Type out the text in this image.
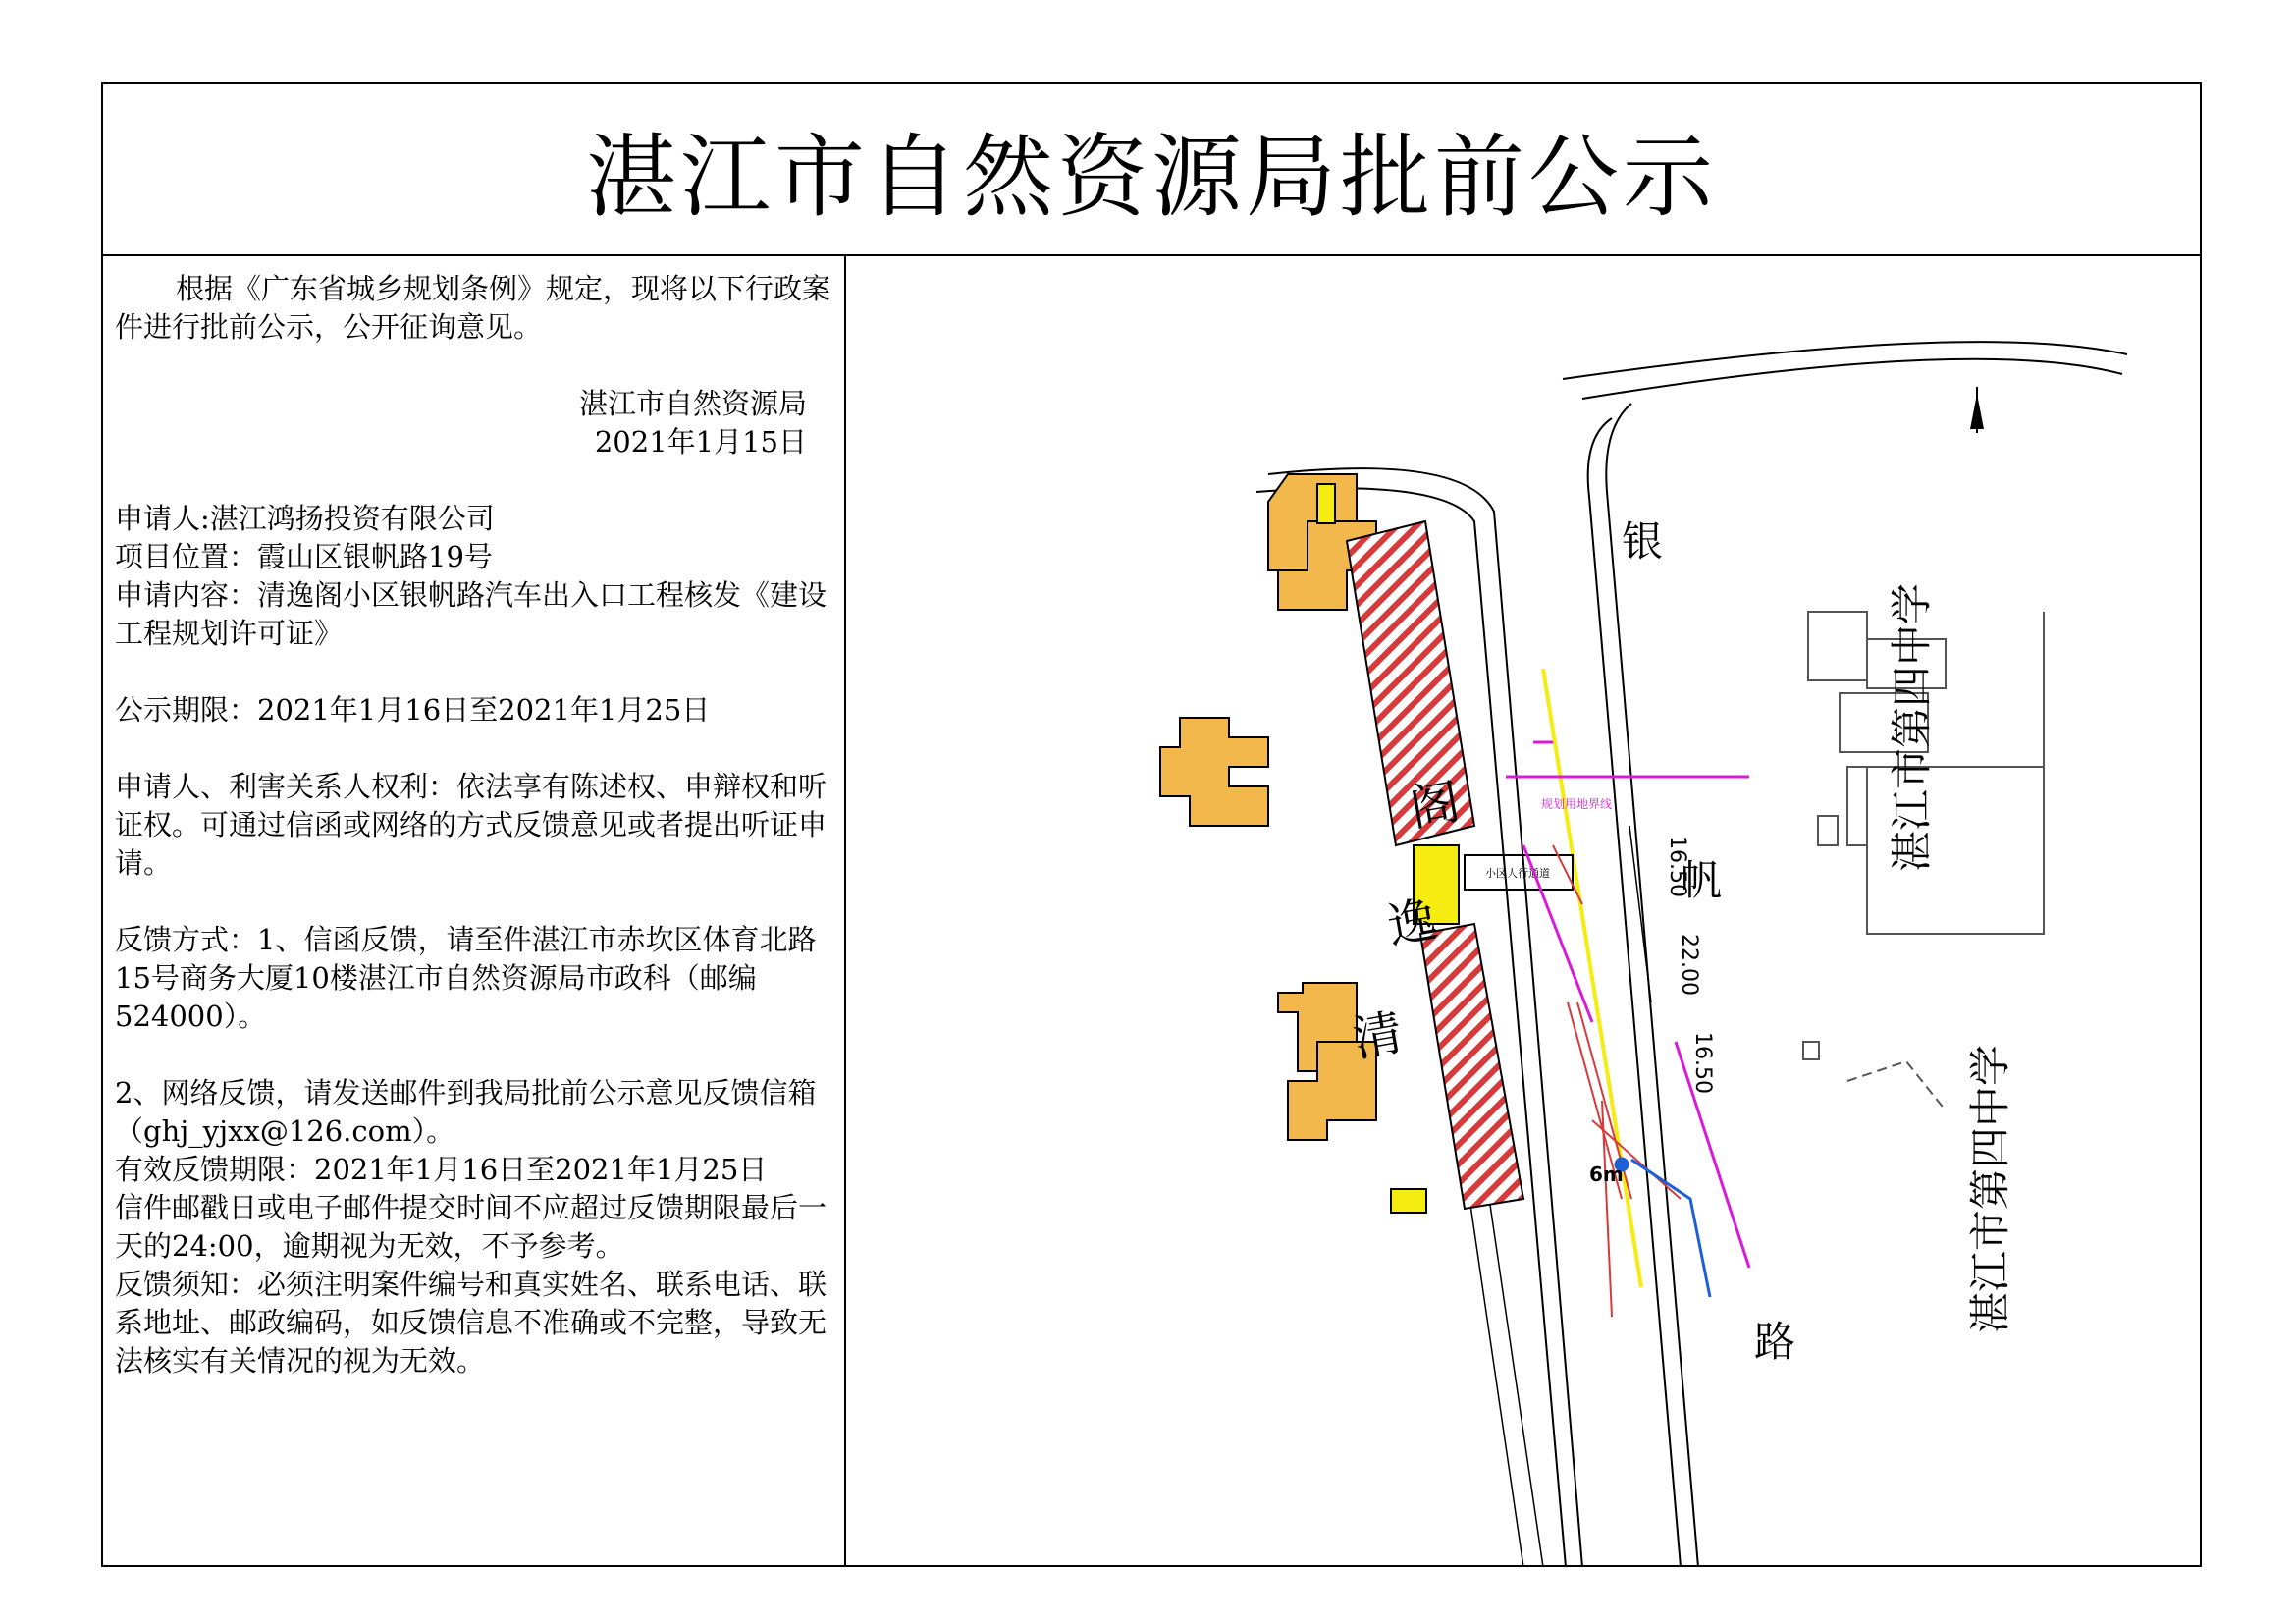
湛江市自然资源局批前公示

根据《广东省城乡规划条例》规定，现将以下行政案件进行批前公示，公开征询意见。

湛江市自然资源局

2021年1月15日

申请人:湛江鸿扬投资有限公司

项目位置：霞山区银帆路19号

申请内容：清逸阁小区银帆路汽车出入口工程核发《建设工程规划许可证》

公示期限：2021年1月16日至2021年1月25日

申请人、利害关系人权利：依法享有陈述权、申辩权和听证权。可通过信函或网络的方式反馈意见或者提出听证申请。

反馈方式：1、信函反馈，请至件湛江市赤坎区体育北路15号商务大厦10楼湛江市自然资源局市政科（邮编524000）。

2、网络反馈，请发送邮件到我局批前公示意见反馈信箱（ghj_yjxx@126.com）。

有效反馈期限：2021年1月16日至2021年1月25日

信件邮戳日或电子邮件提交时间不应超过反馈期限最后一天的24:00，逾期视为无效，不予参考。

反馈须知：必须注明案件编号和真实姓名、联系电话、联系地址、邮政编码，如反馈信息不准确或不完整，导致无法核实有关情况的视为无效。

小区人行通道
规划用地界线
16.50
22.00
16.50
6m
银
帆
路
阁
逸
清
湛江市第四中学
湛江市第四中学
